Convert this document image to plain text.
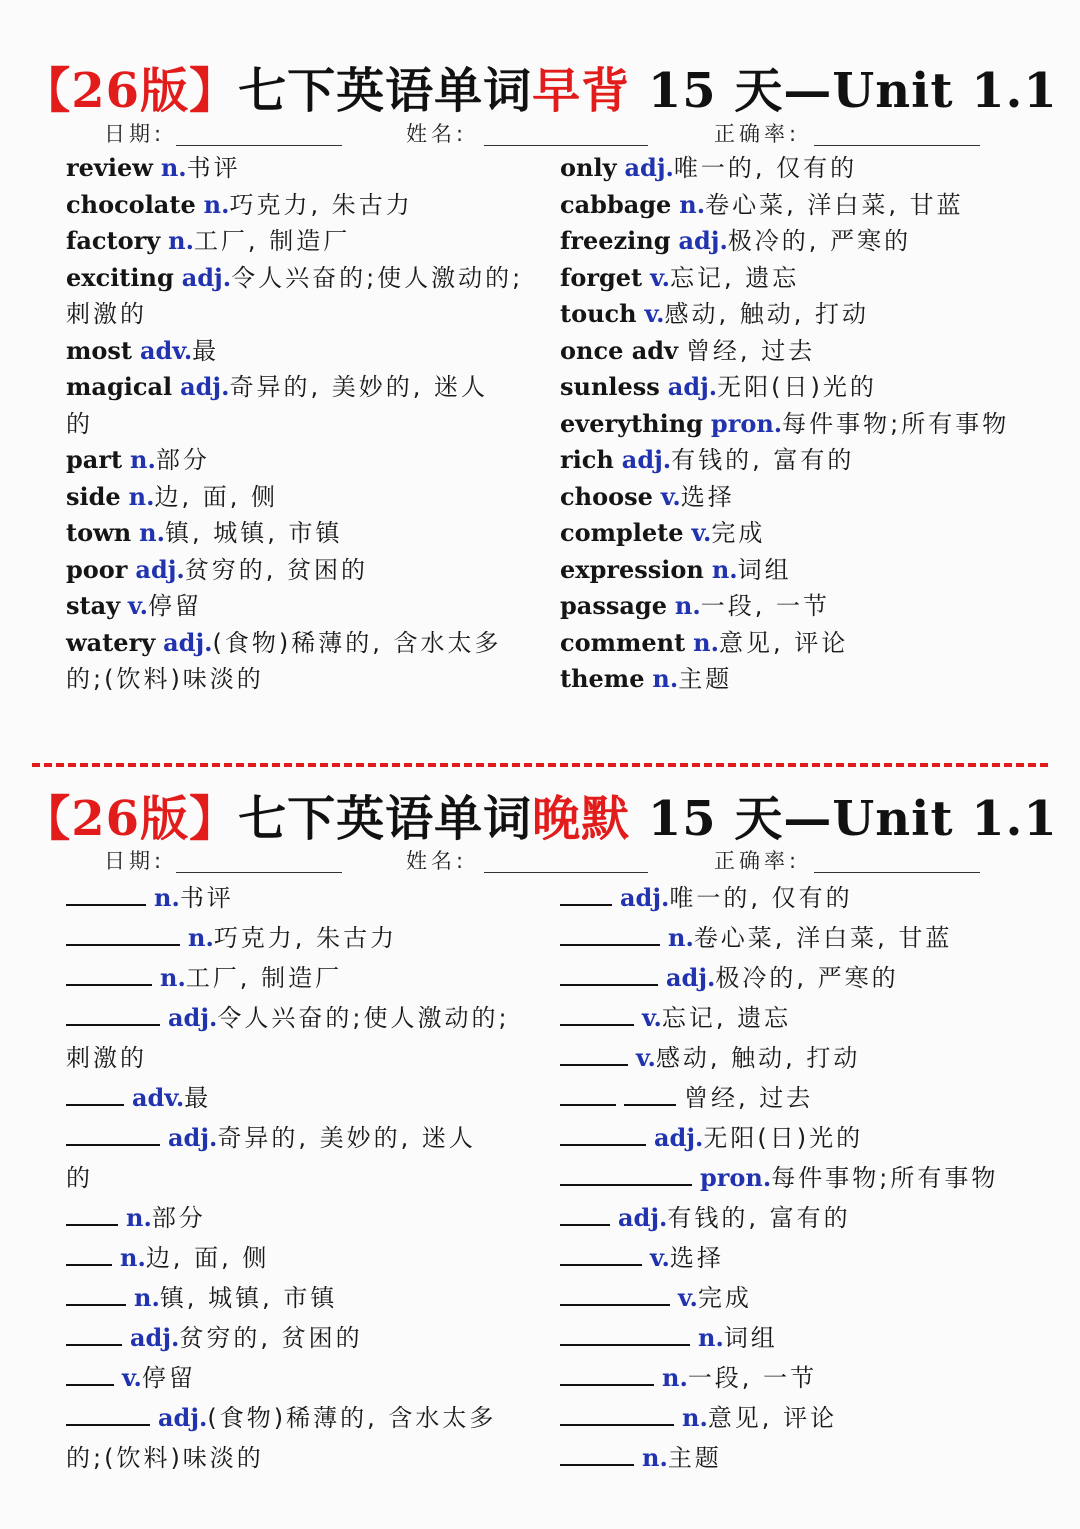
【26版】七下英语单词早背 15 天—Unit 1.1
日期:	姓名:	正确率:
review n.书评
chocolate n.巧克力, 朱古力
factory n.工厂, 制造厂
exciting adj.令人兴奋的;使人激动的;
刺激的
most adv.最
magical adj.奇异的, 美妙的, 迷人
的
part n.部分
side n.边, 面, 侧
town n.镇, 城镇, 市镇
poor adj.贫穷的, 贫困的
stay v.停留
watery adj.(食物)稀薄的, 含水太多
的;(饮料)味淡的
only adj.唯一的, 仅有的
cabbage n.卷心菜, 洋白菜, 甘蓝
freezing adj.极冷的, 严寒的
forget v.忘记, 遗忘
touch v.感动, 触动, 打动
once adv 曾经, 过去
sunless adj.无阳(日)光的
everything pron.每件事物;所有事物
rich adj.有钱的, 富有的
choose v.选择
complete v.完成
expression n.词组
passage n.一段, 一节
comment n.意见, 评论
theme n.主题
【26版】七下英语单词晚默 15 天—Unit 1.1
日期:	姓名:	正确率:
n.书评
n.巧克力, 朱古力
n.工厂, 制造厂
adj.令人兴奋的;使人激动的;
刺激的
adv.最
adj.奇异的, 美妙的, 迷人
的
n.部分
n.边, 面, 侧
n.镇, 城镇, 市镇
adj.贫穷的, 贫困的
v.停留
adj.(食物)稀薄的, 含水太多
的;(饮料)味淡的
adj.唯一的, 仅有的
n.卷心菜, 洋白菜, 甘蓝
adj.极冷的, 严寒的
v.忘记, 遗忘
v.感动, 触动, 打动
曾经, 过去
adj.无阳(日)光的
pron.每件事物;所有事物
adj.有钱的, 富有的
v.选择
v.完成
n.词组
n.一段, 一节
n.意见, 评论
n.主题
